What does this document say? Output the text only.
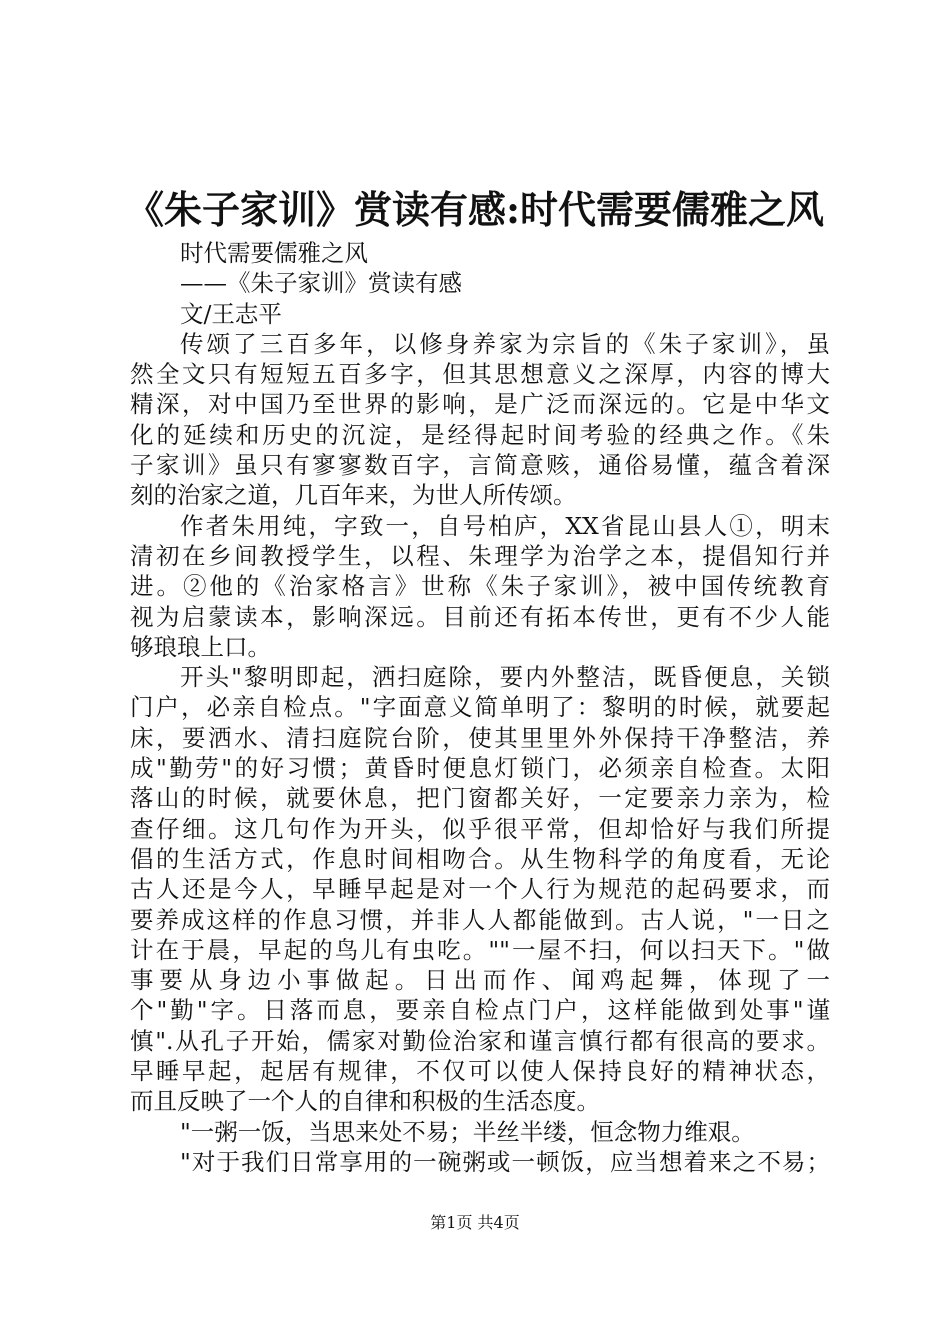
《朱子家训》赏读有感:时代需要儒雅之风
时代需要儒雅之风
——《朱子家训》赏读有感
文/王志平
传颂了三百多年，以修身养家为宗旨的《朱子家训》，虽
然全文只有短短五百多字，但其思想意义之深厚，内容的博大
精深，对中国乃至世界的影响，是广泛而深远的。它是中华文
化的延续和历史的沉淀，是经得起时间考验的经典之作。《朱
子家训》虽只有寥寥数百字，言简意赅，通俗易懂，蕴含着深
刻的治家之道，几百年来，为世人所传颂。
作者朱用纯，字致一，自号柏庐，XX省昆山县人①，明末
清初在乡间教授学生，以程、朱理学为治学之本，提倡知行并
进。②他的《治家格言》世称《朱子家训》，被中国传统教育
视为启蒙读本，影响深远。目前还有拓本传世，更有不少人能
够琅琅上口。
开头"黎明即起，洒扫庭除，要内外整洁，既昏便息，关锁
门户，必亲自检点。"字面意义简单明了：黎明的时候，就要起
床，要洒水、清扫庭院台阶，使其里里外外保持干净整洁，养
成"勤劳"的好习惯；黄昏时便息灯锁门，必须亲自检查。太阳
落山的时候，就要休息，把门窗都关好，一定要亲力亲为，检
查仔细。这几句作为开头，似乎很平常，但却恰好与我们所提
倡的生活方式，作息时间相吻合。从生物科学的角度看，无论
古人还是今人，早睡早起是对一个人行为规范的起码要求，而
要养成这样的作息习惯，并非人人都能做到。古人说，"一日之
计在于晨，早起的鸟儿有虫吃。""一屋不扫，何以扫天下。"做
事要从身边小事做起。日出而作、闻鸡起舞，体现了一
个"勤"字。日落而息，要亲自检点门户，这样能做到处事"谨
慎".从孔子开始，儒家对勤俭治家和谨言慎行都有很高的要求。
早睡早起，起居有规律，不仅可以使人保持良好的精神状态，
而且反映了一个人的自律和积极的生活态度。
"一粥一饭，当思来处不易；半丝半缕，恒念物力维艰。
"对于我们日常享用的一碗粥或一顿饭，应当想着来之不易；
第1页 共4页
